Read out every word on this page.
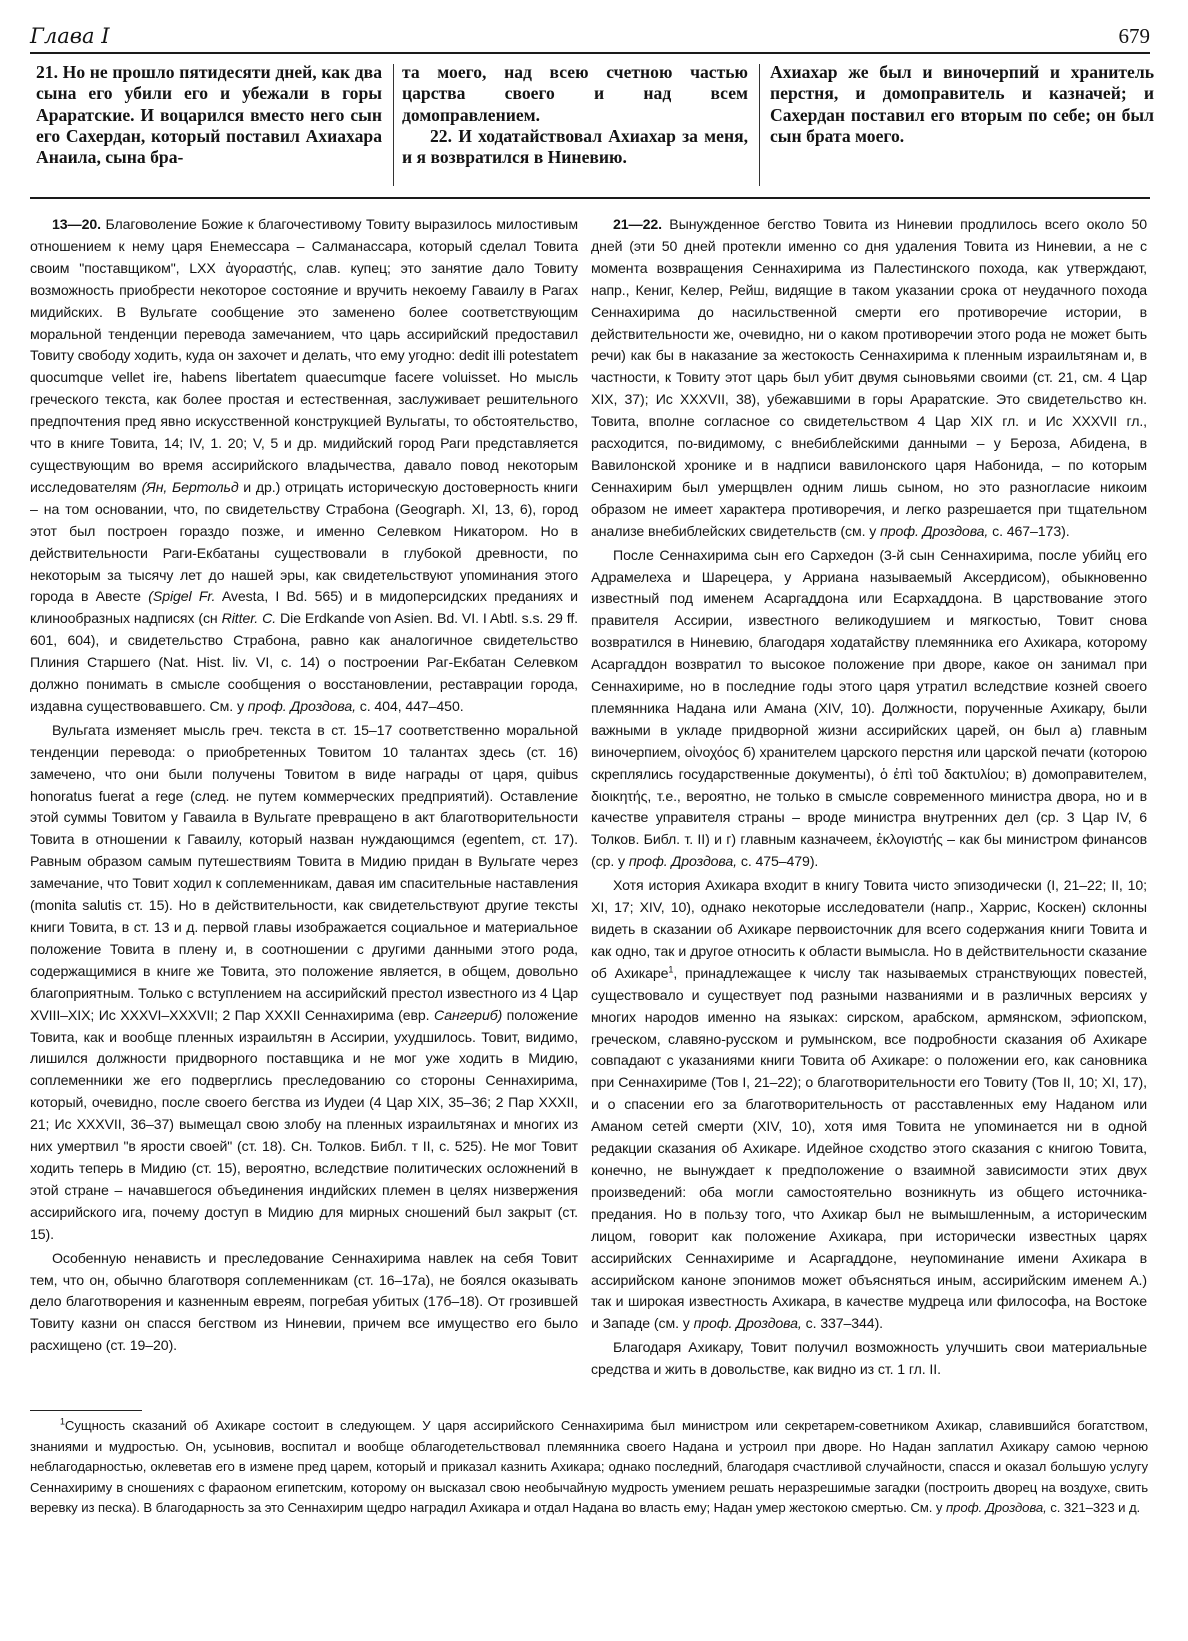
Глава I	679

21. Но не прошло пятидесяти дней, как два сына его убили его и убежали в горы Араратские. И воцарился вместо него сын его Сахердан, который поставил Ахиахара Анаила, сына бра-

та моего, над всею счетною частью царства своего и над всем домоправлением.

22. И ходатайствовал Ахиахар за меня, и я возвратился в Ниневию.

Ахиахар же был и виночерпий и хранитель перстня, и домоправитель и казначей; и Сахердан поставил его вторым по себе; он был сын брата моего.

13—20. Благоволение Божие к благочестивому Товиту выразилось милостивым отношением к нему царя Енемессара – Салманассара, который сделал Товита своим "поставщиком", LXX ἀγοραστής, слав. купец; это занятие дало Товиту возможность приобрести некоторое состояние и вручить некоему Гаваилу в Рагах мидийских. В Вульгате сообщение это заменено более соответствующим моральной тенденции перевода замечанием, что царь ассирийский предоставил Товиту свободу ходить, куда он захочет и делать, что ему угодно: dedit illi potestatem quocumque vellet ire, habens libertatem quaecumque facere voluisset. Но мысль греческого текста, как более простая и естественная, заслуживает решительного предпочтения пред явно искусственной конструкцией Вульгаты, то обстоятельство, что в книге Товита, 14; IV, 1. 20; V, 5 и др. мидийский город Раги представляется существующим во время ассирийского владычества, давало повод некоторым исследователям (Ян, Бертольд и др.) отрицать историческую достоверность книги – на том основании, что, по свидетельству Страбона (Geograph. XI, 13, 6), город этот был построен гораздо позже, и именно Селевком Никатором. Но в действительности Раги-Екбатаны существовали в глубокой древности, по некоторым за тысячу лет до нашей эры, как свидетельствуют упоминания этого города в Авесте (Spigel Fr. Avesta, I Bd. 565) и в мидоперсидских преданиях и клинообразных надписях (сн Ritter. C. Die Erdkande von Asien. Bd. VI. I Abtl. s.s. 29 ff. 601, 604), и свидетельство Страбона, равно как аналогичное свидетельство Плиния Старшего (Nat. Hist. liv. VI, с. 14) о построении Раг-Екбатан Селевком должно понимать в смысле сообщения о восстановлении, реставрации города, издавна существовавшего. См. у проф. Дроздова, с. 404, 447–450.

Вульгата изменяет мысль греч. текста в ст. 15–17 соответственно моральной тенденции перевода: о приобретенных Товитом 10 талантах здесь (ст. 16) замечено, что они были получены Товитом в виде награды от царя, quibus honoratus fuerat a rege (след. не путем коммерческих предприятий). Оставление этой суммы Товитом у Гаваила в Вульгате превращено в акт благотворительности Товита в отношении к Гаваилу, который назван нуждающимся (egentem, ст. 17). Равным образом самым путешествиям Товита в Мидию придан в Вульгате через замечание, что Товит ходил к соплеменникам, давая им спасительные наставления (monita salutis ст. 15). Но в действительности, как свидетельствуют другие тексты книги Товита, в ст. 13 и д. первой главы изображается социальное и материальное положение Товита в плену и, в соотношении с другими данными этого рода, содержащимися в книге же Товита, это положение является, в общем, довольно благоприятным. Только с вступлением на ассирийский престол известного из 4 Цар XVIII–XIX; Ис XXXVI–XXXVII; 2 Пар XXXII Сеннахирима (евр. Сангериб) положение Товита, как и вообще пленных израильтян в Ассирии, ухудшилось. Товит, видимо, лишился должности придворного поставщика и не мог уже ходить в Мидию, соплеменники же его подверглись преследованию со стороны Сеннахирима, который, очевидно, после своего бегства из Иудеи (4 Цар XIX, 35–36; 2 Пар XXXII, 21; Ис XXXVII, 36–37) вымещал свою злобу на пленных израильтянах и многих из них умертвил "в ярости своей" (ст. 18). Сн. Толков. Библ. т II, с. 525). Не мог Товит ходить теперь в Мидию (ст. 15), вероятно, вследствие политических осложнений в этой стране – начавшегося объединения индийских племен в целях низвержения ассирийского ига, почему доступ в Мидию для мирных сношений был закрыт (ст. 15).

Особенную ненависть и преследование Сеннахирима навлек на себя Товит тем, что он, обычно благотворя соплеменникам (ст. 16–17а), не боялся оказывать дело благотворения и казненным евреям, погребая убитых (17б–18). От грозившей Товиту казни он спасся бегством из Ниневии, причем все имущество его было расхищено (ст. 19–20).

21—22. Вынужденное бегство Товита из Ниневии продлилось всего около 50 дней (эти 50 дней протекли именно со дня удаления Товита из Ниневии, а не с момента возвращения Сеннахирима из Палестинского похода, как утверждают, напр., Кениг, Келер, Рейш, видящие в таком указании срока от неудачного похода Сеннахирима до насильственной смерти его противоречие истории, в действительности же, очевидно, ни о каком противоречии этого рода не может быть речи) как бы в наказание за жестокость Сеннахирима к пленным израильтянам и, в частности, к Товиту этот царь был убит двумя сыновьями своими (ст. 21, см. 4 Цар XIX, 37); Ис XXXVII, 38), убежавшими в горы Араратские. Это свидетельство кн. Товита, вполне согласное со свидетельством 4 Цар XIX гл. и Ис XXXVII гл., расходится, по-видимому, с внебиблейскими данными – у Бероза, Абидена, в Вавилонской хронике и в надписи вавилонского царя Набонида, – по которым Сеннахирим был умерщвлен одним лишь сыном, но это разногласие никоим образом не имеет характера противоречия, и легко разрешается при тщательном анализе внебиблейских свидетельств (см. у проф. Дроздова, с. 467–173).

После Сеннахирима сын его Сархедон (3-й сын Сеннахирима, после убийц его Адрамелеха и Шарецера, у Арриана называемый Аксердисом), обыкновенно известный под именем Асаргаддона или Есархаддона. В царствование этого правителя Ассирии, известного великодушием и мягкостью, Товит снова возвратился в Ниневию, благодаря ходатайству племянника его Ахикара, которому Асаргаддон возвратил то высокое положение при дворе, какое он занимал при Сеннахириме, но в последние годы этого царя утратил вследствие козней своего племянника Надана или Амана (XIV, 10). Должности, порученные Ахикару, были важными в укладе придворной жизни ассирийских царей, он был а) главным виночерпием, οἰνοχόος б) хранителем царского перстня или царской печати (которою скреплялись государственные документы), ὁ ἐπὶ τοῦ δακτυλίου; в) домоправителем, διοικητής, т.е., вероятно, не только в смысле современного министра двора, но и в качестве управителя страны – вроде министра внутренних дел (ср. 3 Цар IV, 6 Толков. Библ. т. II) и г) главным казначеем, ἐκλογιστής – как бы министром финансов (ср. у проф. Дроздова, с. 475–479).

Хотя история Ахикара входит в книгу Товита чисто эпизодически (I, 21–22; II, 10; XI, 17; XIV, 10), однако некоторые исследователи (напр., Харрис, Коскен) склонны видеть в сказании об Ахикаре первоисточник для всего содержания книги Товита и как одно, так и другое относить к области вымысла. Но в действительности сказание об Ахикаре$^1$, принадлежащее к числу так называемых странствующих повестей, существовало и существует под разными названиями и в различных версиях у многих народов именно на языках: сирском, арабском, армянском, эфиопском, греческом, славяно-русском и румынском, все подробности сказания об Ахикаре совпадают с указаниями книги Товита об Ахикаре: о положении его, как сановника при Сеннахириме (Тов I, 21–22); о благотворительности его Товиту (Тов II, 10; XI, 17), и о спасении его за благотворительность от расставленных ему Наданом или Аманом сетей смерти (XIV, 10), хотя имя Товита не упоминается ни в одной редакции сказания об Ахикаре. Идейное сходство этого сказания с книгою Товита, конечно, не вынуждает к предположение о взаимной зависимости этих двух произведений: оба могли самостоятельно возникнуть из общего источника-предания. Но в пользу того, что Ахикар был не вымышленным, а историческим лицом, говорит как положение Ахикара, при исторически известных царях ассирийских Сеннахириме и Асаргаддоне, неупоминание имени Ахикара в ассирийском каноне эпонимов может объясняться иным, ассирийским именем А.) так и широкая известность Ахикара, в качестве мудреца или философа, на Востоке и Западе (см. у проф. Дроздова, с. 337–344).

Благодаря Ахикару, Товит получил возможность улучшить свои материальные средства и жить в довольстве, как видно из ст. 1 гл. II.

$^1$Сущность сказаний об Ахикаре состоит в следующем. У царя ассирийского Сеннахирима был министром или секретарем-советником Ахикар, славившийся богатством, знаниями и мудростью. Он, усыновив, воспитал и вообще облагодетельствовал племянника своего Надана и устроил при дворе. Но Надан заплатил Ахикару самою черною неблагодарностью, оклеветав его в измене пред царем, который и приказал казнить Ахикара; однако последний, благодаря счастливой случайности, спасся и оказал большую услугу Сеннахириму в сношениях с фараоном египетским, которому он высказал свою необычайную мудрость умением решать неразрешимые загадки (построить дворец на воздухе, свить веревку из песка). В благодарность за это Сеннахирим щедро наградил Ахикара и отдал Надана во власть ему; Надан умер жестокою смертью. См. у проф. Дроздова, с. 321–323 и д.
